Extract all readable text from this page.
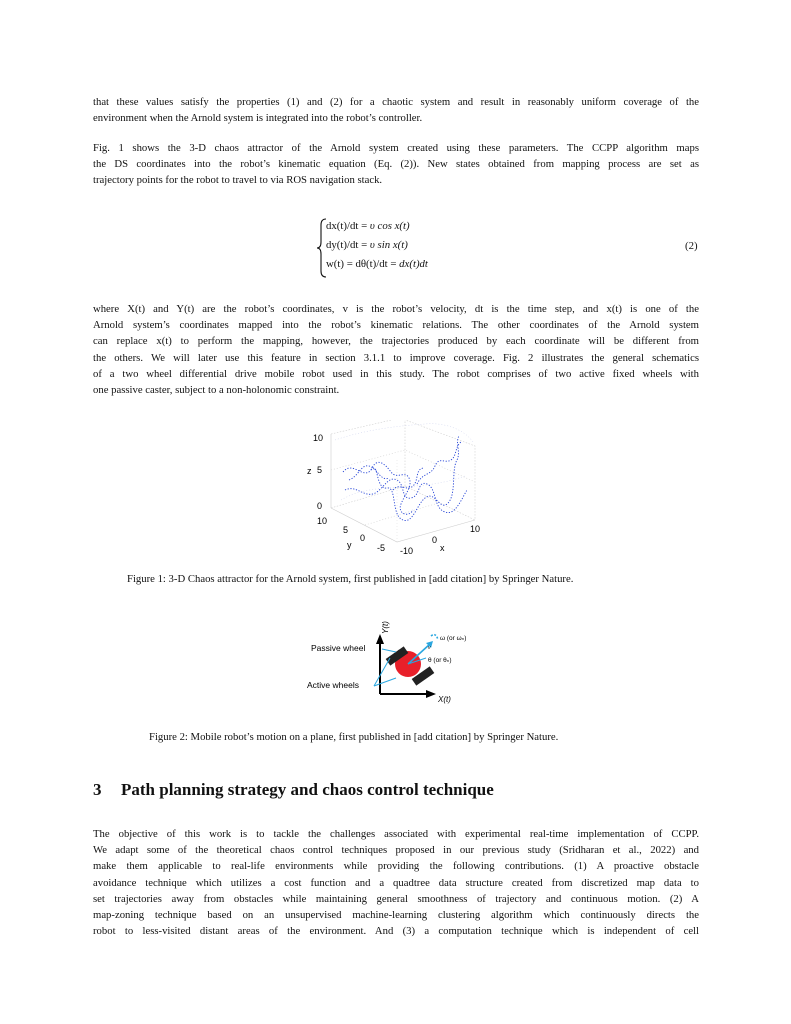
that these values satisfy the properties (1) and (2) for a chaotic system and result in reasonably uniform coverage of the
environment when the Arnold system is integrated into the robot’s controller.
Fig. 1 shows the 3-D chaos attractor of the Arnold system created using these parameters. The CCPP algorithm maps
the DS coordinates into the robot’s kinematic equation (Eq. (2)). New states obtained from mapping process are set as
trajectory points for the robot to travel to via ROS navigation stack.
dx(t)/dt = υ cos x(t)
dy(t)/dt = υ sin x(t)
w(t) = dθ(t)/dt = dx(t)dt
(2)
where X(t) and Y(t) are the robot’s coordinates, v is the robot’s velocity, dt is the time step, and x(t) is one of the
Arnold system’s coordinates mapped into the robot’s kinematic relations. The other coordinates of the Arnold system
can replace x(t) to perform the mapping, however, the trajectories produced by each coordinate will be different from
the others. We will later use this feature in section 3.1.1 to improve coverage. Fig. 2 illustrates the general schematics
of a two wheel differential drive mobile robot used in this study. The robot comprises of two active fixed wheels with
one passive caster, subject to a non-holonomic constraint.
10
5
0
z
10
5
0
-5
y
-10
0
10
x
Figure 1: 3-D Chaos attractor for the Arnold system, first published in [add citation] by Springer Nature.
Y(t)
X(t)
ω (or ωₙ)
v
θ (or θₙ)
Passive wheel
Active wheels
Figure 2: Mobile robot’s motion on a plane, first published in [add citation] by Springer Nature.
3 Path planning strategy and chaos control technique
The objective of this work is to tackle the challenges associated with experimental real-time implementation of CCPP.
We adapt some of the theoretical chaos control techniques proposed in our previous study (Sridharan et al., 2022) and
make them applicable to real-life environments while providing the following contributions. (1) A proactive obstacle
avoidance technique which utilizes a cost function and a quadtree data structure created from discretized map data to
set trajectories away from obstacles while maintaining general smoothness of trajectory and continuous motion. (2) A
map-zoning technique based on an unsupervised machine-learning clustering algorithm which continuously directs the
robot to less-visited distant areas of the environment. And (3) a computation technique which is independent of cell
